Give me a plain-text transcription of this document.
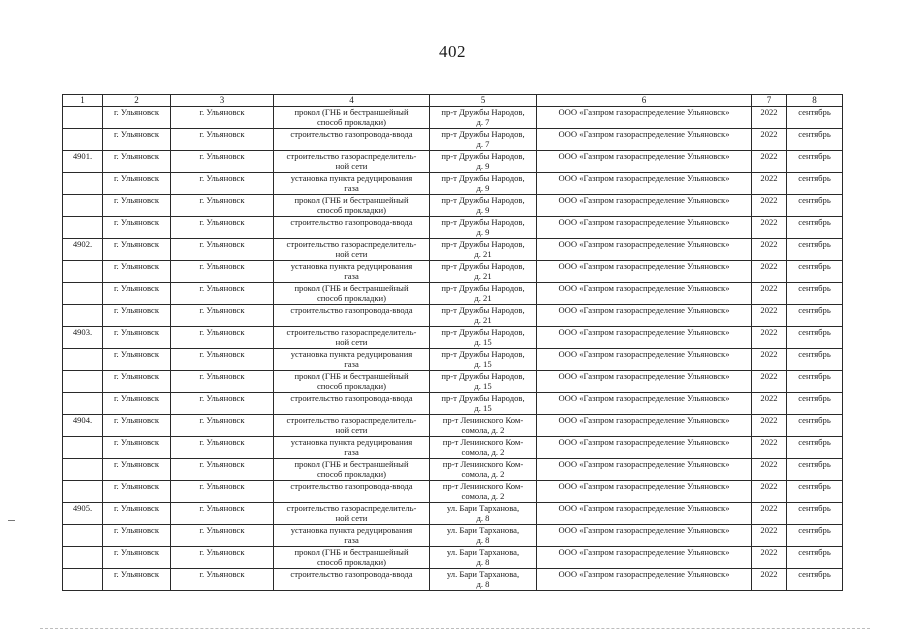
402
1	2	3	4	5	6	7	8
	г. Ульяновск	г. Ульяновск	прокол (ГНБ и бестраншейный
способ прокладки)	пр-т Дружбы Народов,
д. 7	ООО «Газпром газораспределение Ульяновск»	2022	сентябрь
	г. Ульяновск	г. Ульяновск	строительство газопровода-ввода	пр-т Дружбы Народов,
д. 7	ООО «Газпром газораспределение Ульяновск»	2022	сентябрь
4901.	г. Ульяновск	г. Ульяновск	строительство газораспределитель-
ной сети	пр-т Дружбы Народов,
д. 9	ООО «Газпром газораспределение Ульяновск»	2022	сентябрь
	г. Ульяновск	г. Ульяновск	установка пункта редуцирования
газа	пр-т Дружбы Народов,
д. 9	ООО «Газпром газораспределение Ульяновск»	2022	сентябрь
	г. Ульяновск	г. Ульяновск	прокол (ГНБ и бестраншейный
способ прокладки)	пр-т Дружбы Народов,
д. 9	ООО «Газпром газораспределение Ульяновск»	2022	сентябрь
	г. Ульяновск	г. Ульяновск	строительство газопровода-ввода	пр-т Дружбы Народов,
д. 9	ООО «Газпром газораспределение Ульяновск»	2022	сентябрь
4902.	г. Ульяновск	г. Ульяновск	строительство газораспределитель-
ной сети	пр-т Дружбы Народов,
д. 21	ООО «Газпром газораспределение Ульяновск»	2022	сентябрь
	г. Ульяновск	г. Ульяновск	установка пункта редуцирования
газа	пр-т Дружбы Народов,
д. 21	ООО «Газпром газораспределение Ульяновск»	2022	сентябрь
	г. Ульяновск	г. Ульяновск	прокол (ГНБ и бестраншейный
способ прокладки)	пр-т Дружбы Народов,
д. 21	ООО «Газпром газораспределение Ульяновск»	2022	сентябрь
	г. Ульяновск	г. Ульяновск	строительство газопровода-ввода	пр-т Дружбы Народов,
д. 21	ООО «Газпром газораспределение Ульяновск»	2022	сентябрь
4903.	г. Ульяновск	г. Ульяновск	строительство газораспределитель-
ной сети	пр-т Дружбы Народов,
д. 15	ООО «Газпром газораспределение Ульяновск»	2022	сентябрь
	г. Ульяновск	г. Ульяновск	установка пункта редуцирования
газа	пр-т Дружбы Народов,
д. 15	ООО «Газпром газораспределение Ульяновск»	2022	сентябрь
	г. Ульяновск	г. Ульяновск	прокол (ГНБ и бестраншейный
способ прокладки)	пр-т Дружбы Народов,
д. 15	ООО «Газпром газораспределение Ульяновск»	2022	сентябрь
	г. Ульяновск	г. Ульяновск	строительство газопровода-ввода	пр-т Дружбы Народов,
д. 15	ООО «Газпром газораспределение Ульяновск»	2022	сентябрь
4904.	г. Ульяновск	г. Ульяновск	строительство газораспределитель-
ной сети	пр-т Ленинского Ком-
сомола, д. 2	ООО «Газпром газораспределение Ульяновск»	2022	сентябрь
	г. Ульяновск	г. Ульяновск	установка пункта редуцирования
газа	пр-т Ленинского Ком-
сомола, д. 2	ООО «Газпром газораспределение Ульяновск»	2022	сентябрь
	г. Ульяновск	г. Ульяновск	прокол (ГНБ и бестраншейный
способ прокладки)	пр-т Ленинского Ком-
сомола, д. 2	ООО «Газпром газораспределение Ульяновск»	2022	сентябрь
	г. Ульяновск	г. Ульяновск	строительство газопровода-ввода	пр-т Ленинского Ком-
сомола, д. 2	ООО «Газпром газораспределение Ульяновск»	2022	сентябрь
4905.	г. Ульяновск	г. Ульяновск	строительство газораспределитель-
ной сети	ул. Бари Тарханова,
д. 8	ООО «Газпром газораспределение Ульяновск»	2022	сентябрь
	г. Ульяновск	г. Ульяновск	установка пункта редуцирования
газа	ул. Бари Тарханова,
д. 8	ООО «Газпром газораспределение Ульяновск»	2022	сентябрь
	г. Ульяновск	г. Ульяновск	прокол (ГНБ и бестраншейный
способ прокладки)	ул. Бари Тарханова,
д. 8	ООО «Газпром газораспределение Ульяновск»	2022	сентябрь
	г. Ульяновск	г. Ульяновск	строительство газопровода-ввода	ул. Бари Тарханова,
д. 8	ООО «Газпром газораспределение Ульяновск»	2022	сентябрь
